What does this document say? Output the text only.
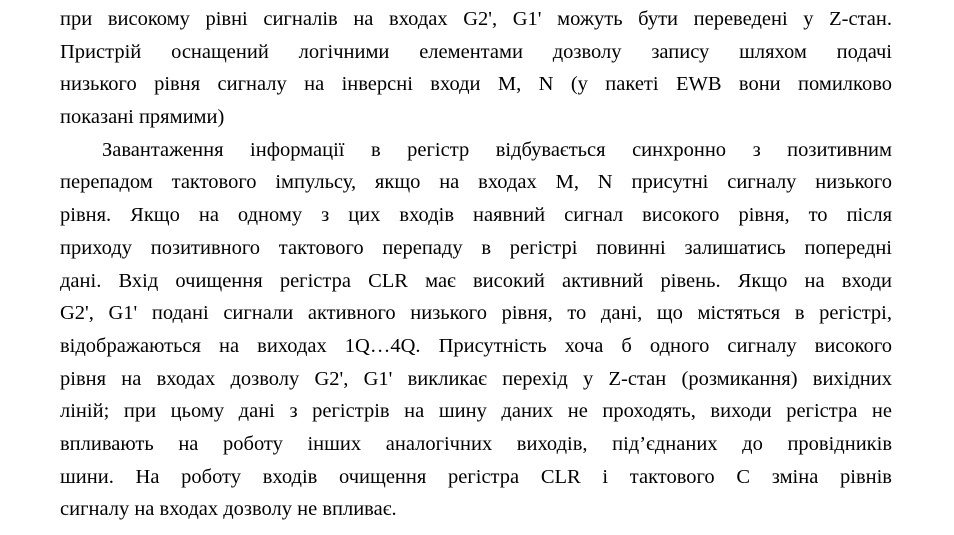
при високому рівні сигналів на входах G2', G1' можуть бути переведені у Z-стан.
Пристрій оснащений логічними елементами дозволу запису шляхом подачі
низького рівня сигналу на інверсні входи M, N (у пакеті EWB вони помилково
показані прямими)
Завантаження інформації в регістр відбувається синхронно з позитивним
перепадом тактового імпульсу, якщо на входах M, N присутні сигналу низького
рівня. Якщо на одному з цих входів наявний сигнал високого рівня, то після
приходу позитивного тактового перепаду в регістрі повинні залишатись попередні
дані. Вхід очищення регістра CLR має високий активний рівень. Якщо на входи
G2', G1' подані сигнали активного низького рівня, то дані, що містяться в регістрі,
відображаються на виходах 1Q…4Q. Присутність хоча б одного сигналу високого
рівня на входах дозволу G2', G1' викликає перехід у Z-стан (розмикання) вихідних
ліній; при цьому дані з регістрів на шину даних не проходять, виходи регістра не
впливають на роботу інших аналогічних виходів, під’єднаних до провідників
шини. На роботу входів очищення регістра CLR і тактового C зміна рівнів
сигналу на входах дозволу не впливає.
